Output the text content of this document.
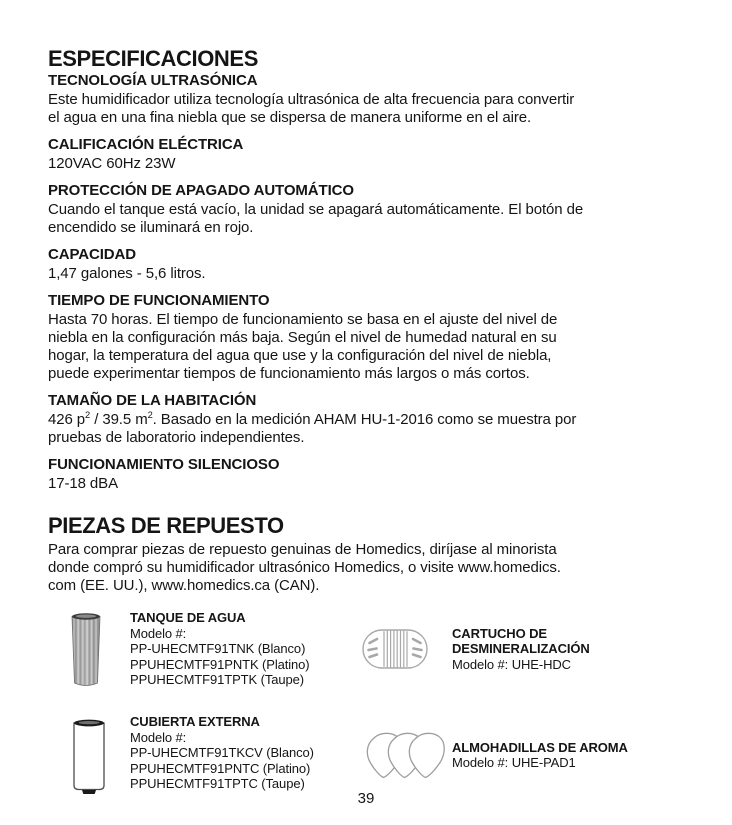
ESPECIFICACIONES
TECNOLOGÍA ULTRASÓNICA
Este humidificador utiliza tecnología ultrasónica de alta frecuencia para convertir
el agua en una fina niebla que se dispersa de manera uniforme en el aire.
CALIFICACIÓN ELÉCTRICA
120VAC 60Hz 23W
PROTECCIÓN DE APAGADO AUTOMÁTICO
Cuando el tanque está vacío, la unidad se apagará automáticamente. El botón de
encendido se iluminará en rojo.
CAPACIDAD
1,47 galones - 5,6 litros.
TIEMPO DE FUNCIONAMIENTO
Hasta 70 horas. El tiempo de funcionamiento se basa en el ajuste del nivel de
niebla en la configuración más baja. Según el nivel de humedad natural en su
hogar, la temperatura del agua que use y la configuración del nivel de niebla,
puede experimentar tiempos de funcionamiento más largos o más cortos.
TAMAÑO DE LA HABITACIÓN
426 $p^2 / 39.5$ $m^2$. Basado en la medición AHAM HU-1-2016 como se muestra por
pruebas de laboratorio independientes.
FUNCIONAMIENTO SILENCIOSO
17-18 dBA
PIEZAS DE REPUESTO
Para comprar piezas de repuesto genuinas de Homedics, diríjase al minorista
donde compró su humidificador ultrasónico Homedics, o visite www.homedics.
com (EE. UU.), www.homedics.ca (CAN).
TANQUE DE AGUA
Modelo #:
PP-UHECMTF91TNK (Blanco)
PPUHECMTF91PNTK (Platino)
PPUHECMTF91TPTK (Taupe)
CARTUCHO DE DESMINERALIZACIÓN
Modelo #: UHE-HDC
CUBIERTA EXTERNA
Modelo #:
PP-UHECMTF91TKCV (Blanco)
PPUHECMTF91PNTC (Platino)
PPUHECMTF91TPTC (Taupe)
ALMOHADILLAS DE AROMA
Modelo #: UHE-PAD1
39
